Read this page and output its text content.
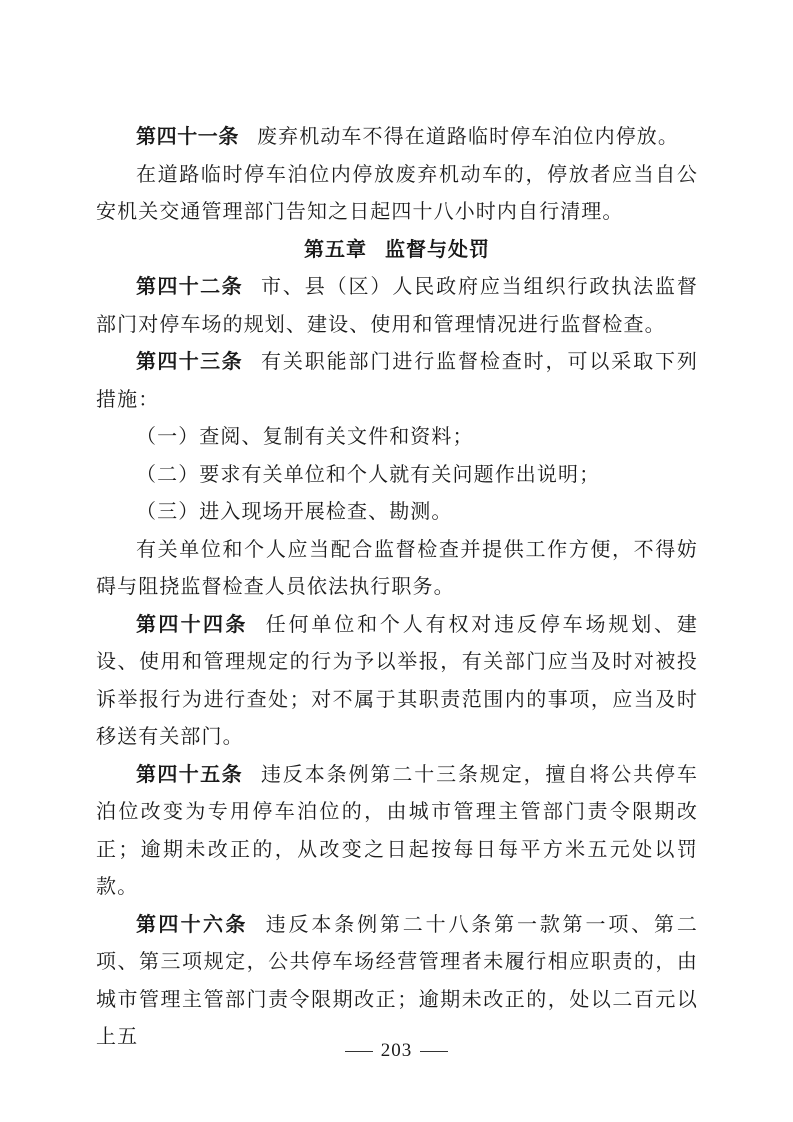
第四十一条 废弃机动车不得在道路临时停车泊位内停放。

在道路临时停车泊位内停放废弃机动车的，停放者应当自公安机关交通管理部门告知之日起四十八小时内自行清理。

第五章 监督与处罚

第四十二条 市、县（区）人民政府应当组织行政执法监督部门对停车场的规划、建设、使用和管理情况进行监督检查。

第四十三条 有关职能部门进行监督检查时，可以采取下列措施：

（一）查阅、复制有关文件和资料；

（二）要求有关单位和个人就有关问题作出说明；

（三）进入现场开展检查、勘测。

有关单位和个人应当配合监督检查并提供工作方便，不得妨碍与阻挠监督检查人员依法执行职务。

第四十四条 任何单位和个人有权对违反停车场规划、建设、使用和管理规定的行为予以举报，有关部门应当及时对被投诉举报行为进行查处；对不属于其职责范围内的事项，应当及时移送有关部门。

第四十五条 违反本条例第二十三条规定，擅自将公共停车泊位改变为专用停车泊位的，由城市管理主管部门责令限期改正；逾期未改正的，从改变之日起按每日每平方米五元处以罚款。

第四十六条 违反本条例第二十八条第一款第一项、第二项、第三项规定，公共停车场经营管理者未履行相应职责的，由城市管理主管部门责令限期改正；逾期未改正的，处以二百元以上五

203
